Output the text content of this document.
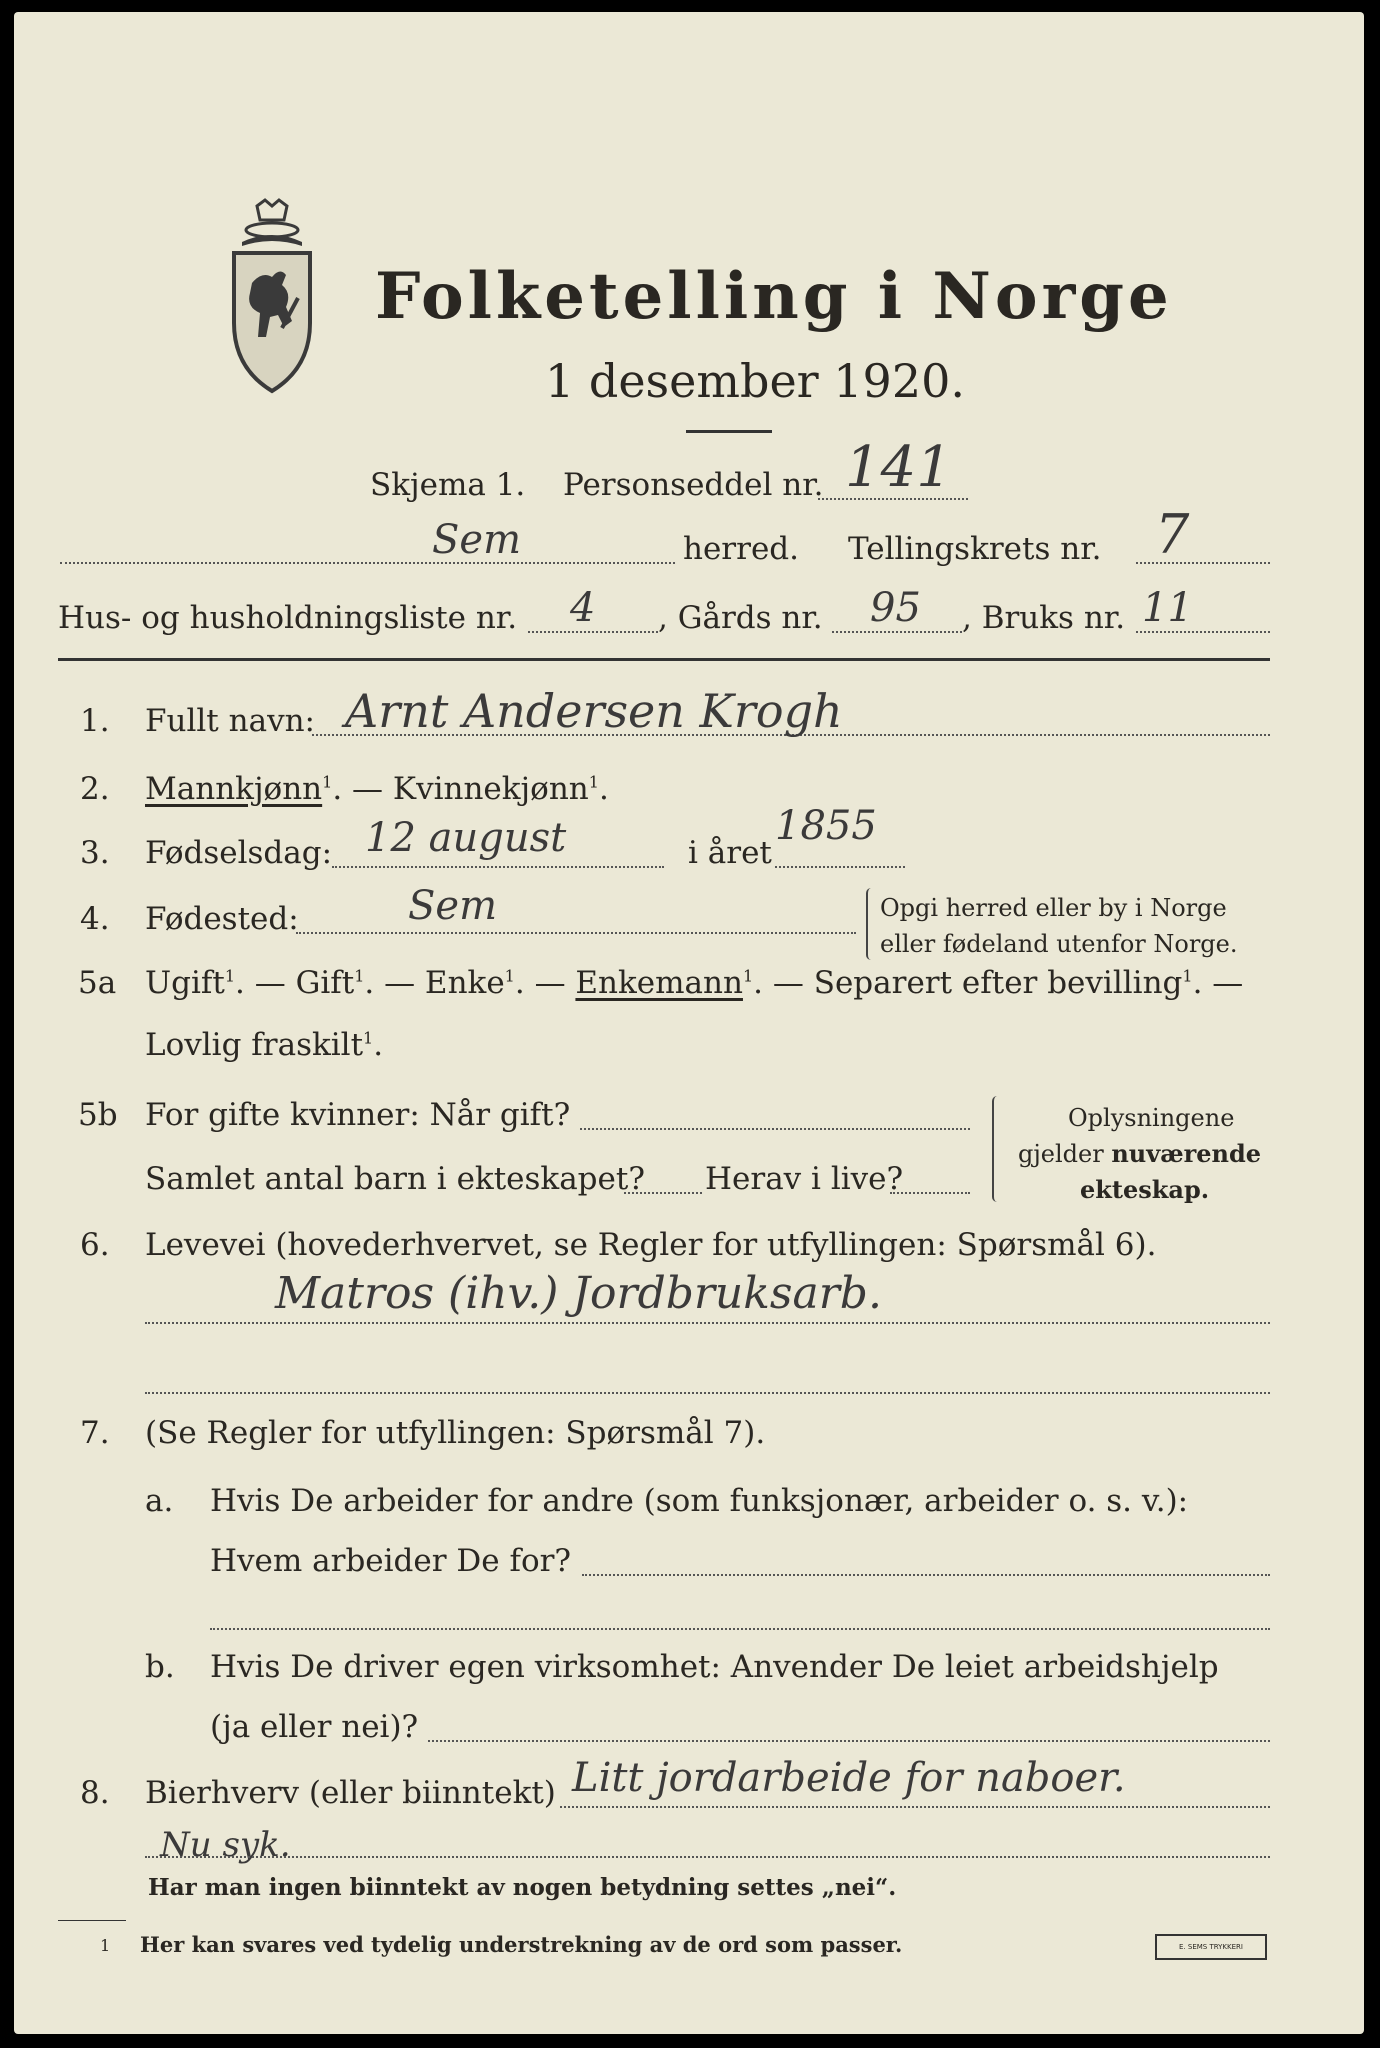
Folketelling i Norge
1 desember 1920.
Skjema 1. Personseddel nr. 141
Sem	herred. Tellingskrets nr. 7
Hus- og husholdningsliste nr. 4 , Gårds nr. 95 , Bruks nr. 11
1. Fullt navn: Arnt Andersen Krogh
2. Mannkjønn$^1$. — Kvinnekjønn$^1$.
3. Fødselsdag: 12 august	i året
1855
4. Fødested:	Sem	Opgi herred eller by i Norge
eller fødeland utenfor Norge.
5a Ugift$^1$. — Gift$^1$. — Enke$^1$. — Enkemann$^1$. — Separert efter bevilling$^1$. —
Lovlig fraskilt$^1$.
5b For gifte kvinner: Når gift?
Samlet antal barn i ekteskapet? Herav i live?
Oplysningene
gjelder nuværende
ekteskap.
6. Levevei (hovederhvervet, se Regler for utfyllingen: Spørsmål 6).
Matros (ihv.) Jordbruksarb.
7. (Se Regler for utfyllingen: Spørsmål 7).
a. Hvis De arbeider for andre (som funksjonær, arbeider o. s. v.):
Hvem arbeider De for?
b. Hvis De driver egen virksomhet: Anvender De leiet arbeidshjelp
(ja eller nei)?
8. Bierhverv (eller biinntekt) Litt jordarbeide for naboer.
Nu syk.
Har man ingen biinntekt av nogen betydning settes „nei“.
1 Her kan svares ved tydelig understrekning av de ord som passer.	E. SEMS TRYKKERI
